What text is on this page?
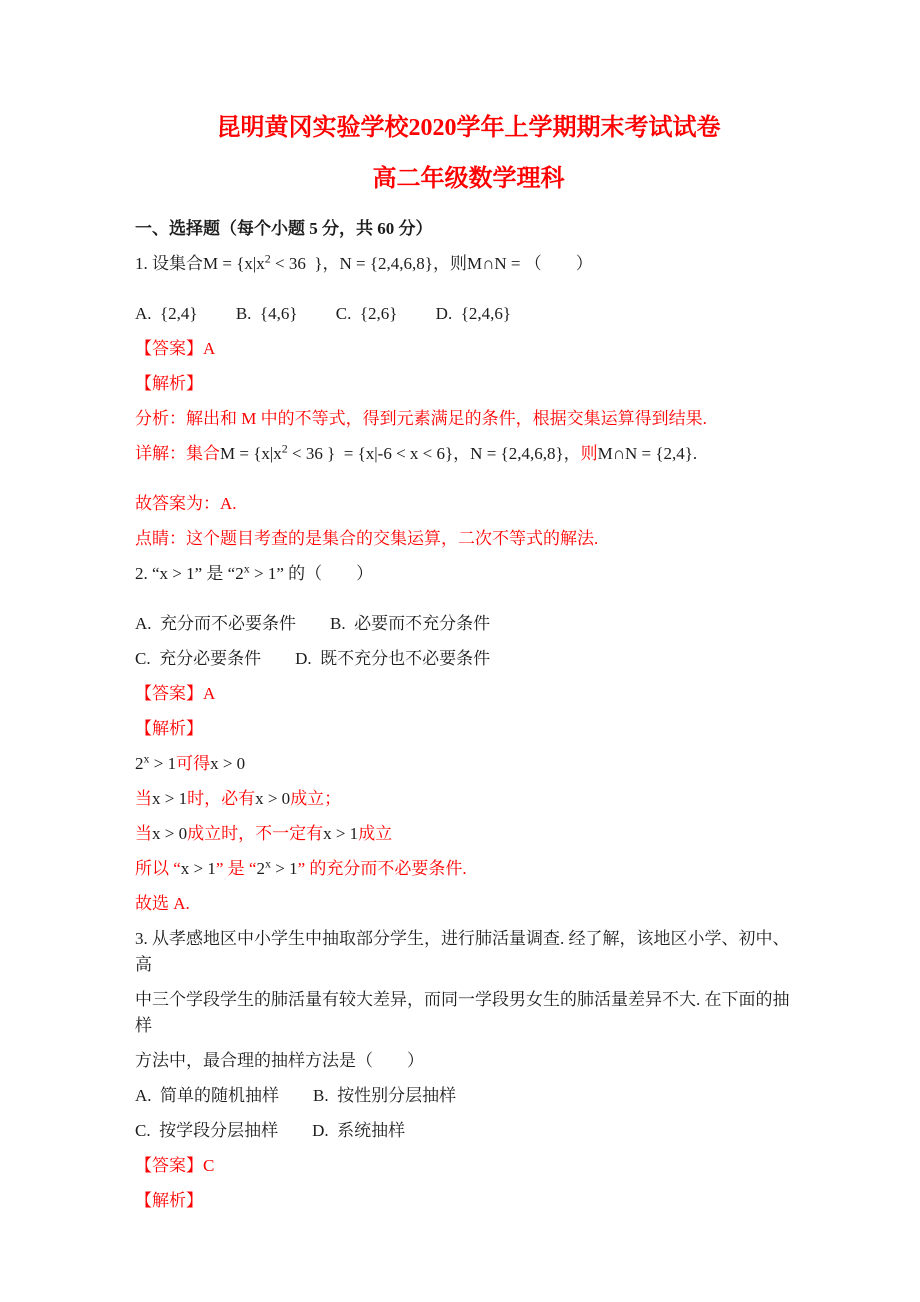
昆明黄冈实验学校2020学年上学期期末考试试卷
高二年级数学理科

一、选择题（每个小题 5 分，共 60 分）

1. 设集合$M = \{x|x^2 < 36$  }，N = {2,4,6,8}，则M∩N = （　　）

A.  {2,4}　　 B.  {4,6}　　 C.  {2,6}　　 D.  {2,4,6}

【答案】A

【解析】

分析：解出和 M 中的不等式，得到元素满足的条件，根据交集运算得到结果.

详解：集合$M = \{x|x^2 < 36$ }  = {x|-6 < x < 6}，N = {2,4,6,8}，则M∩N = {2,4}.

故答案为：A.

点睛：这个题目考查的是集合的交集运算，二次不等式的解法.

2. “x > 1” 是 “$2^x > 1$” 的（　　）

A.  充分而不必要条件　　B.  必要而不充分条件

C.  充分必要条件　　D.  既不充分也不必要条件

【答案】A

【解析】

$2^x > 1$可得x > 0

当x > 1时，必有x > 0成立；

当x > 0成立时，不一定有x > 1成立

所以 “x > 1” 是 “$2^x > 1$” 的充分而不必要条件.

故选 A.

3. 从孝感地区中小学生中抽取部分学生，进行肺活量调查. 经了解，该地区小学、初中、高

中三个学段学生的肺活量有较大差异，而同一学段男女生的肺活量差异不大. 在下面的抽样

方法中，最合理的抽样方法是（　　）

A.  简单的随机抽样　　B.  按性别分层抽样

C.  按学段分层抽样　　D.  系统抽样

【答案】C

【解析】
